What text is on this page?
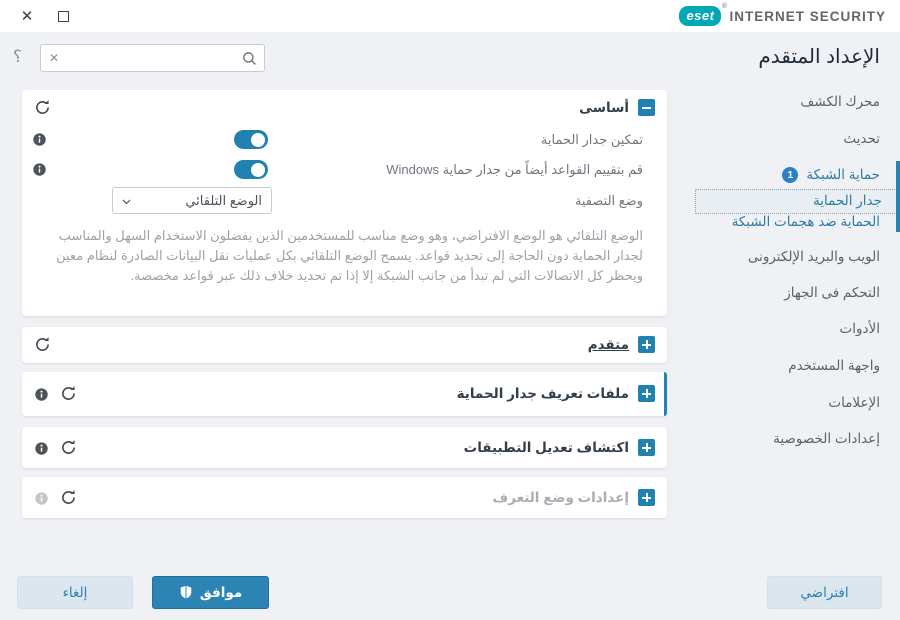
✕	eset
®
INTERNET SECURITY
الإعداد المتقدم
؟	✕
محرك الكشف
تحديث
حماية الشبكة
1
جدار الحماية
الحماية ضد هجمات الشبكة
الويب والبريد الإلكترونى
التحكم فى الجهاز
الأدوات
واجهة المستخدم
الإعلامات
إعدادات الخصوصية
أساسى
تمكين جدار الحماية
قم بتقييم القواعد أيضاً من جدار حماية Windows
وضع التصفية
الوضع التلقائي
الوضع التلقائي هو الوضع الافتراضي، وهو وضع مناسب للمستخدمين الذين يفضلون الاستخدام السهل والمناسب لجدار الحماية دون الحاجة إلى تحديد قواعد. يسمح الوضع التلقائي بكل عمليات نقل البيانات الصادرة لنظام معين ويحظر كل الاتصالات التي لم تبدأ من جانب الشبكة إلا إذا تم تحديد خلاف ذلك عبر قواعد مخصصة.
متقدم
ملفات تعريف جدار الحماية
اكتشاف تعديل التطبيقات
إعدادات وضع التعرف
موافق
إلغاء	افتراضي
